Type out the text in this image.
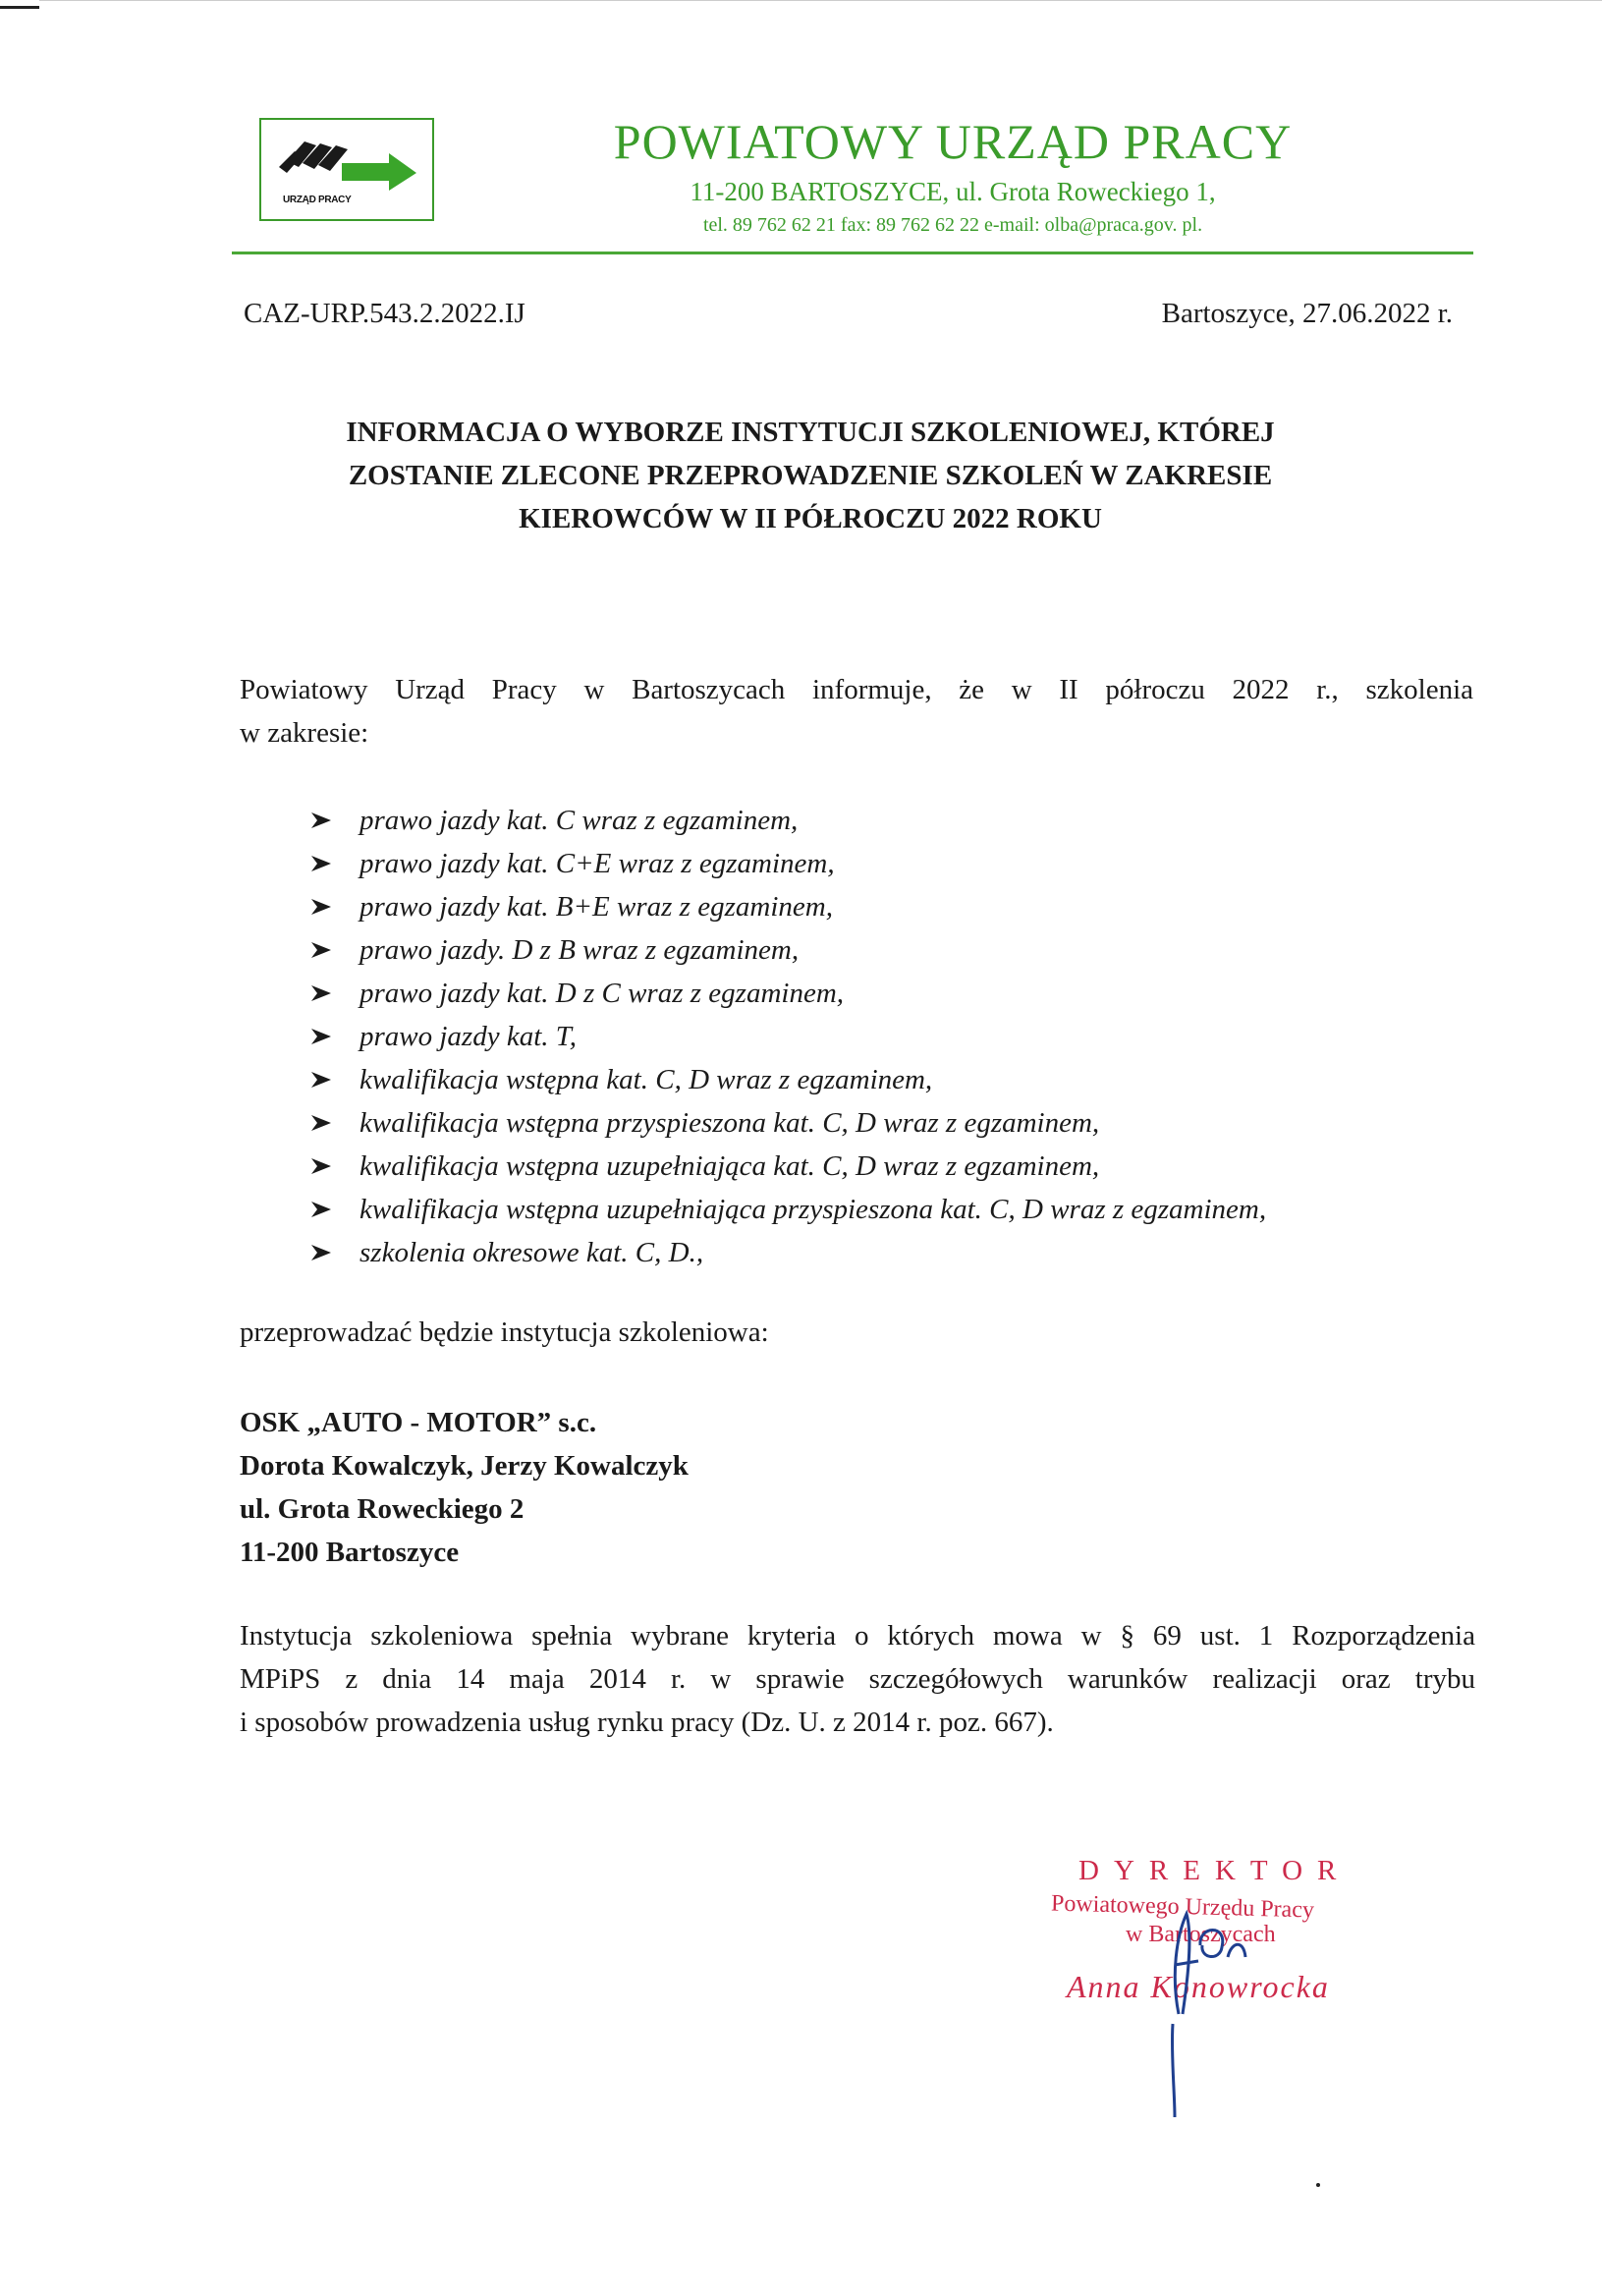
URZĄD PRACY
POWIATOWY URZĄD PRACY
11-200 BARTOSZYCE, ul. Grota Roweckiego 1,
tel. 89 762 62 21 fax: 89 762 62 22 e-mail: olba@praca.gov. pl.
CAZ-URP.543.2.2022.IJ	Bartoszyce, 27.06.2022 r.
INFORMACJA O WYBORZE INSTYTUCJI SZKOLENIOWEJ, KTÓREJ
ZOSTANIE ZLECONE PRZEPROWADZENIE SZKOLEŃ W ZAKRESIE
KIEROWCÓW W II PÓŁROCZU 2022 ROKU
Powiatowy Urząd Pracy w Bartoszycach informuje, że w II półroczu 2022 r., szkolenia
w zakresie:
prawo jazdy kat. C wraz z egzaminem,
prawo jazdy kat. C+E wraz z egzaminem,
prawo jazdy kat. B+E wraz z egzaminem,
prawo jazdy. D z B wraz z egzaminem,
prawo jazdy kat. D z C wraz z egzaminem,
prawo jazdy kat. T,
kwalifikacja wstępna kat. C, D wraz z egzaminem,
kwalifikacja wstępna przyspieszona kat. C, D wraz z egzaminem,
kwalifikacja wstępna uzupełniająca kat. C, D wraz z egzaminem,
kwalifikacja wstępna uzupełniająca przyspieszona kat. C, D wraz z egzaminem,
szkolenia okresowe kat. C, D.,
przeprowadzać będzie instytucja szkoleniowa:
OSK „AUTO - MOTOR” s.c.
Dorota Kowalczyk, Jerzy Kowalczyk
ul. Grota Roweckiego 2
11-200 Bartoszyce
Instytucja szkoleniowa spełnia wybrane kryteria o których mowa w § 69 ust. 1 Rozporządzenia
MPiPS z dnia 14 maja 2014 r. w sprawie szczegółowych warunków realizacji oraz trybu
i sposobów prowadzenia usług rynku pracy (Dz. U. z 2014 r. poz. 667).
DYREKTOR
Powiatowego Urzędu Pracy
w Bartoszycach
Anna Konowrocka
